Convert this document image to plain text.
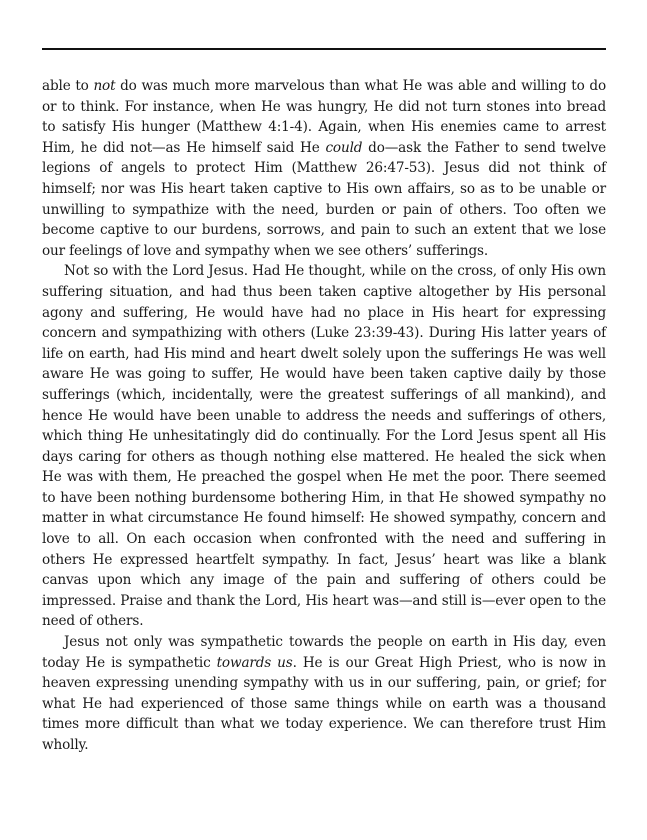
able to not do was much more marvelous than what He was able and willing to do or to think. For instance, when He was hungry, He did not turn stones into bread to satisfy His hunger (Matthew 4:1-4). Again, when His enemies came to arrest Him, he did not—as He himself said He could do—ask the Father to send twelve legions of angels to protect Him (Matthew 26:47-53). Jesus did not think of himself; nor was His heart taken captive to His own affairs, so as to be unable or unwilling to sympathize with the need, burden or pain of others. Too often we become captive to our burdens, sorrows, and pain to such an extent that we lose our feelings of love and sympathy when we see others’ sufferings.

Not so with the Lord Jesus. Had He thought, while on the cross, of only His own suffering situation, and had thus been taken captive altogether by His personal agony and suffering, He would have had no place in His heart for expressing concern and sympathizing with others (Luke 23:39-43). During His latter years of life on earth, had His mind and heart dwelt solely upon the sufferings He was well aware He was going to suffer, He would have been taken captive daily by those sufferings (which, incidentally, were the greatest sufferings of all mankind), and hence He would have been unable to address the needs and sufferings of others, which thing He unhesitatingly did do continually. For the Lord Jesus spent all His days caring for others as though nothing else mattered. He healed the sick when He was with them, He preached the gospel when He met the poor. There seemed to have been nothing burdensome bothering Him, in that He showed sympathy no matter in what circumstance He found himself: He showed sympathy, concern and love to all. On each occasion when confronted with the need and suffering in others He expressed heartfelt sympathy. In fact, Jesus’ heart was like a blank canvas upon which any image of the pain and suffering of others could be impressed. Praise and thank the Lord, His heart was—and still is—ever open to the need of others.

Jesus not only was sympathetic towards the people on earth in His day, even today He is sympathetic towards us. He is our Great High Priest, who is now in heaven expressing unending sympathy with us in our suffering, pain, or grief; for what He had experienced of those same things while on earth was a thousand times more difficult than what we today experience. We can therefore trust Him wholly.
